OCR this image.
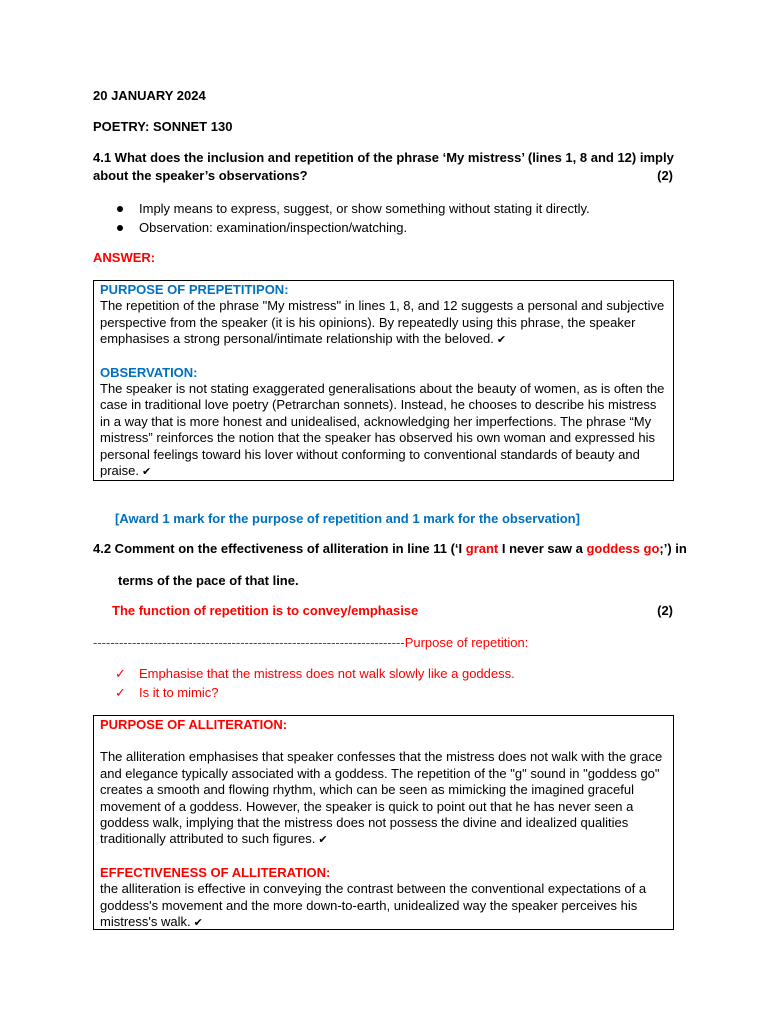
20 JANUARY 2024
POETRY: SONNET 130
4.1 What does the inclusion and repetition of the phrase ‘My mistress’ (lines 1, 8 and 12) imply
about the speaker’s observations?	(2)
Imply means to express, suggest, or show something without stating it directly.
Observation: examination/inspection/watching.
ANSWER:

PURPOSE OF PREPETITIPON:

The repetition of the phrase "My mistress" in lines 1, 8, and 12 suggests a personal and subjective perspective from the speaker (it is his opinions). By repeatedly using this phrase, the speaker emphasises a strong personal/intimate relationship with the beloved. ✔

OBSERVATION:

The speaker is not stating exaggerated generalisations about the beauty of women, as is often the case in traditional love poetry (Petrarchan sonnets). Instead, he chooses to describe his mistress in a way that is more honest and unidealised, acknowledging her imperfections. The phrase “My mistress” reinforces the notion that the speaker has observed his own woman and expressed his personal feelings toward his lover without conforming to conventional standards of beauty and praise. ✔

[Award 1 mark for the purpose of repetition and 1 mark for the observation]
4.2 Comment on the effectiveness of alliteration in line 11 (‘I grant I never saw a goddess go;’) in
terms of the pace of that line.
The function of repetition is to convey/emphasise	(2)
------------------------------------------------------------------------Purpose of repetition:
✓ Emphasise that the mistress does not walk slowly like a goddess.
✓ Is it to mimic?

PURPOSE OF ALLITERATION:

The alliteration emphasises that speaker confesses that the mistress does not walk with the grace and elegance typically associated with a goddess. The repetition of the "g" sound in "goddess go" creates a smooth and flowing rhythm, which can be seen as mimicking the imagined graceful movement of a goddess. However, the speaker is quick to point out that he has never seen a goddess walk, implying that the mistress does not possess the divine and idealized qualities traditionally attributed to such figures. ✔

EFFECTIVENESS OF ALLITERATION:

the alliteration is effective in conveying the contrast between the conventional expectations of a goddess's movement and the more down-to-earth, unidealized way the speaker perceives his mistress's walk. ✔
